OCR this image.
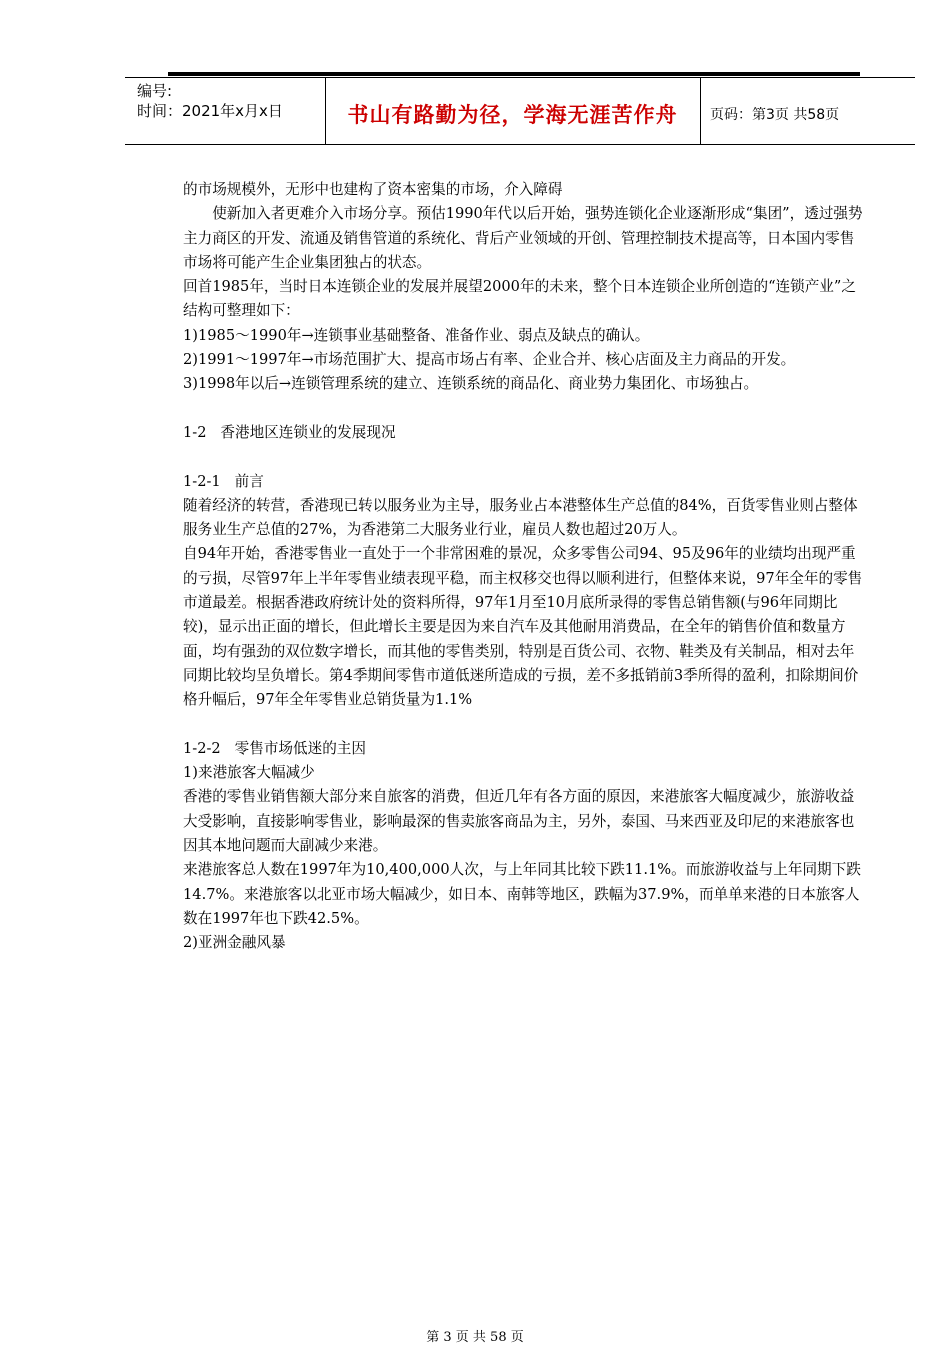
编号:
时间：2021年x月x日	书山有路勤为径，学海无涯苦作舟	页码：第3页 共58页

的市场规模外，无形中也建构了资本密集的市场，介入障碍

使新加入者更难介入市场分享。预估1990年代以后开始，强势连锁化企业逐渐形成“集团”，透过强势主力商区的开发、流通及销售管道的系统化、背后产业领域的开创、管理控制技术提高等，日本国内零售市场将可能产生企业集团独占的状态。

回首1985年，当时日本连锁企业的发展并展望2000年的未来，整个日本连锁企业所创造的“连锁产业”之结构可整理如下：

1)1985～1990年→连锁事业基础整备、准备作业、弱点及缺点的确认。

2)1991～1997年→市场范围扩大、提高市场占有率、企业合并、核心店面及主力商品的开发。

3)1998年以后→连锁管理系统的建立、连锁系统的商品化、商业势力集团化、市场独占。

1-2   香港地区连锁业的发展现况

1-2-1   前言

随着经济的转营，香港现已转以服务业为主导，服务业占本港整体生产总值的84%，百货零售业则占整体服务业生产总值的27%，为香港第二大服务业行业，雇员人数也超过20万人。

自94年开始，香港零售业一直处于一个非常困难的景况，众多零售公司94、95及96年的业绩均出现严重的亏损，尽管97年上半年零售业绩表现平稳，而主权移交也得以顺利进行，但整体来说，97年全年的零售市道最差。根据香港政府统计处的资料所得，97年1月至10月底所录得的零售总销售额(与96年同期比较)，显示出正面的增长，但此增长主要是因为来自汽车及其他耐用消费品，在全年的销售价值和数量方面，均有强劲的双位数字增长，而其他的零售类别，特别是百货公司、衣物、鞋类及有关制品，相对去年同期比较均呈负增长。第4季期间零售市道低迷所造成的亏损，差不多抵销前3季所得的盈利，扣除期间价格升幅后，97年全年零售业总销货量为1.1%

1-2-2   零售市场低迷的主因

1)来港旅客大幅减少

香港的零售业销售额大部分来自旅客的消费，但近几年有各方面的原因，来港旅客大幅度减少，旅游收益大受影响，直接影响零售业，影响最深的售卖旅客商品为主，另外，泰国、马来西亚及印尼的来港旅客也因其本地问题而大副减少来港。

来港旅客总人数在1997年为10,400,000人次，与上年同其比较下跌11.1%。而旅游收益与上年同期下跌14.7%。来港旅客以北亚市场大幅减少，如日本、南韩等地区，跌幅为37.9%，而单单来港的日本旅客人数在1997年也下跌42.5%。

2)亚洲金融风暴

第 3 页 共 58 页
